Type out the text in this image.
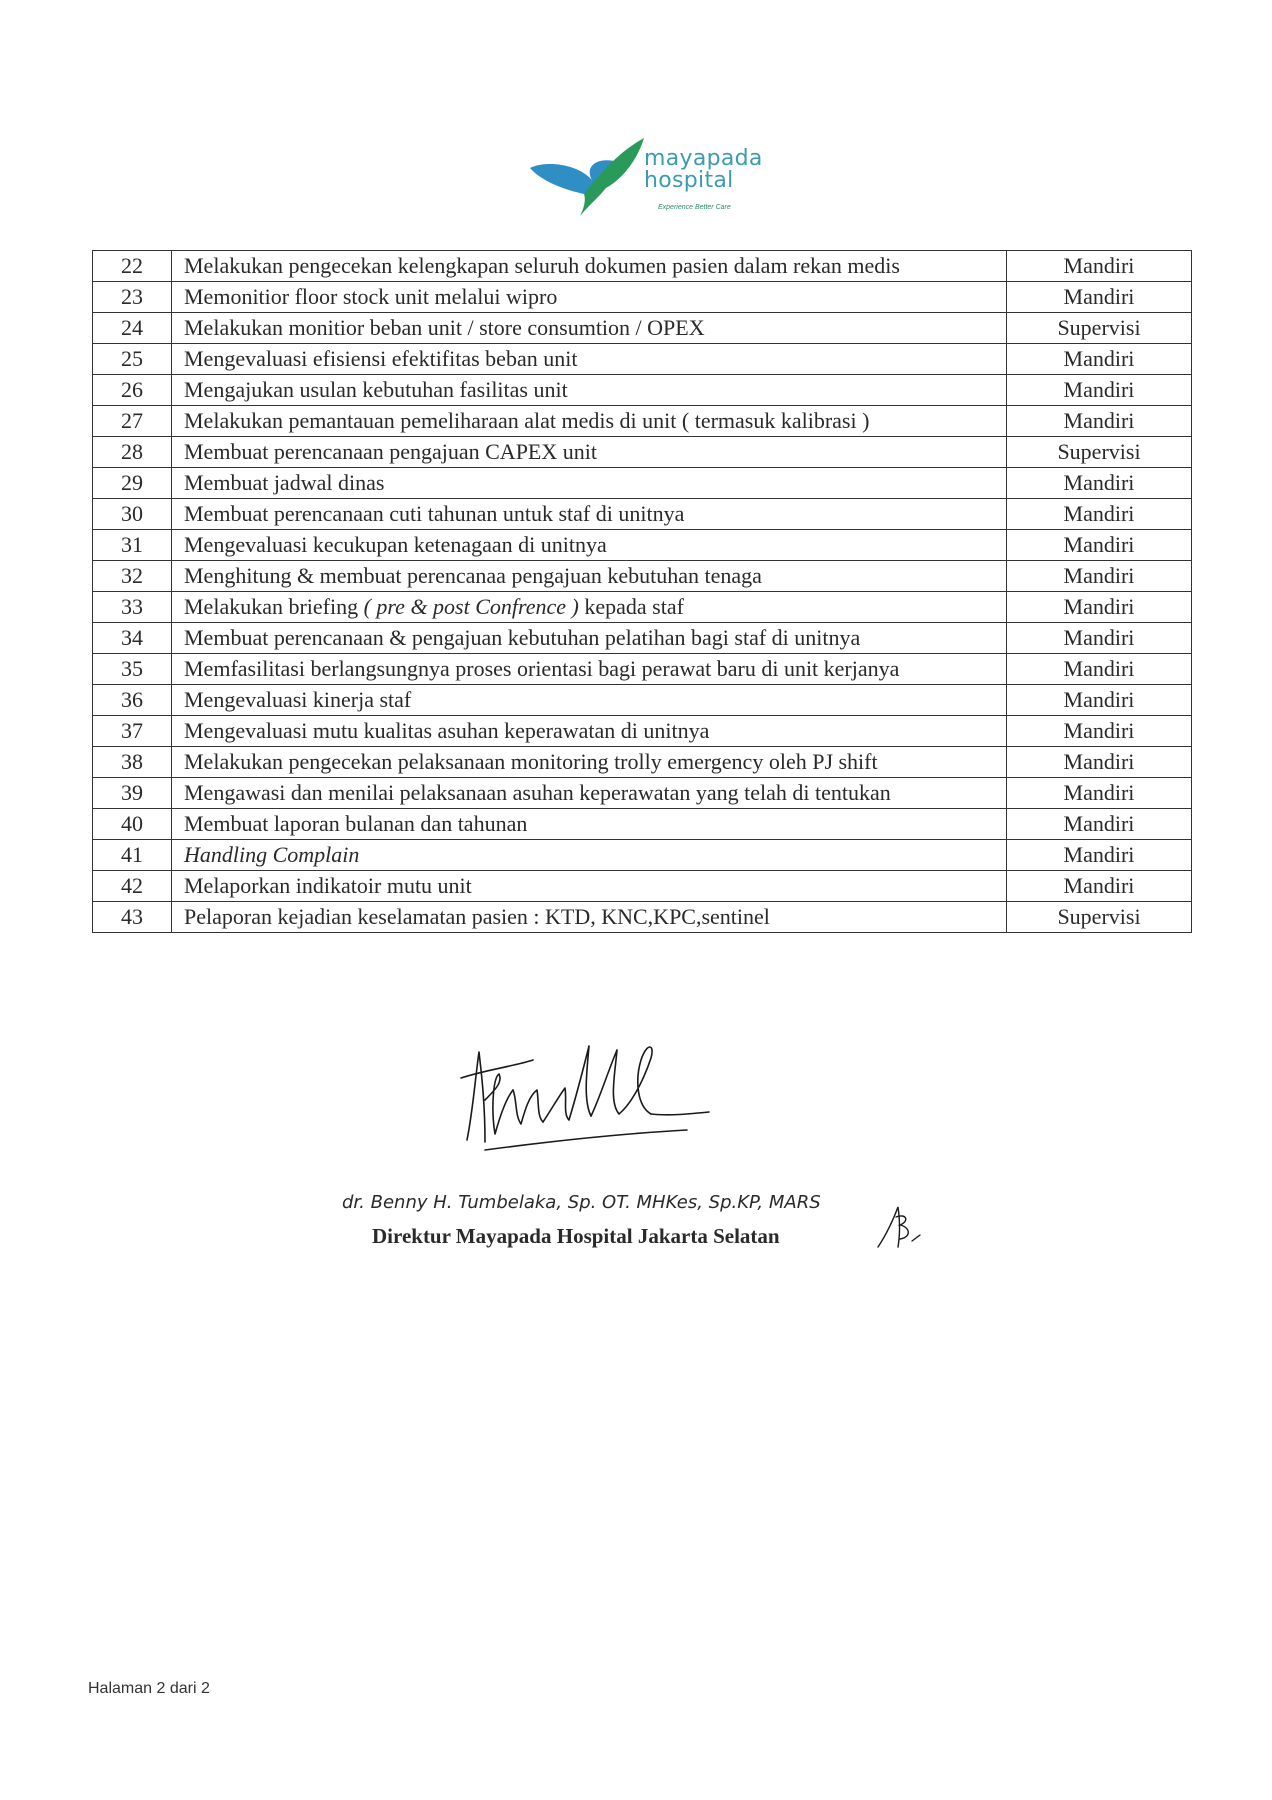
mayapada
hospital
Experience Better Care
22	Melakukan pengecekan kelengkapan seluruh dokumen pasien dalam rekan medis	Mandiri
23	Memonitior floor stock unit melalui wipro	Mandiri
24	Melakukan monitior beban unit / store consumtion / OPEX	Supervisi
25	Mengevaluasi efisiensi efektifitas beban unit	Mandiri
26	Mengajukan usulan kebutuhan fasilitas unit	Mandiri
27	Melakukan pemantauan pemeliharaan alat medis di unit ( termasuk kalibrasi )	Mandiri
28	Membuat perencanaan pengajuan CAPEX unit	Supervisi
29	Membuat jadwal dinas	Mandiri
30	Membuat perencanaan cuti tahunan untuk staf di unitnya	Mandiri
31	Mengevaluasi kecukupan ketenagaan di unitnya	Mandiri
32	Menghitung & membuat perencanaa pengajuan kebutuhan tenaga	Mandiri
33	Melakukan briefing ( pre & post Confrence ) kepada staf	Mandiri
34	Membuat perencanaan & pengajuan kebutuhan pelatihan bagi staf di unitnya	Mandiri
35	Memfasilitasi berlangsungnya proses orientasi bagi perawat baru di unit kerjanya	Mandiri
36	Mengevaluasi kinerja staf	Mandiri
37	Mengevaluasi mutu kualitas asuhan keperawatan di unitnya	Mandiri
38	Melakukan pengecekan pelaksanaan monitoring trolly emergency oleh PJ shift	Mandiri
39	Mengawasi dan menilai pelaksanaan asuhan keperawatan yang telah di tentukan	Mandiri
40	Membuat laporan bulanan dan tahunan	Mandiri
41	Handling Complain	Mandiri
42	Melaporkan indikatoir mutu unit	Mandiri
43	Pelaporan kejadian keselamatan pasien : KTD, KNC,KPC,sentinel	Supervisi
dr. Benny H. Tumbelaka, Sp. OT. MHKes, Sp.KP, MARS
Direktur Mayapada Hospital Jakarta Selatan
Halaman 2 dari 2
